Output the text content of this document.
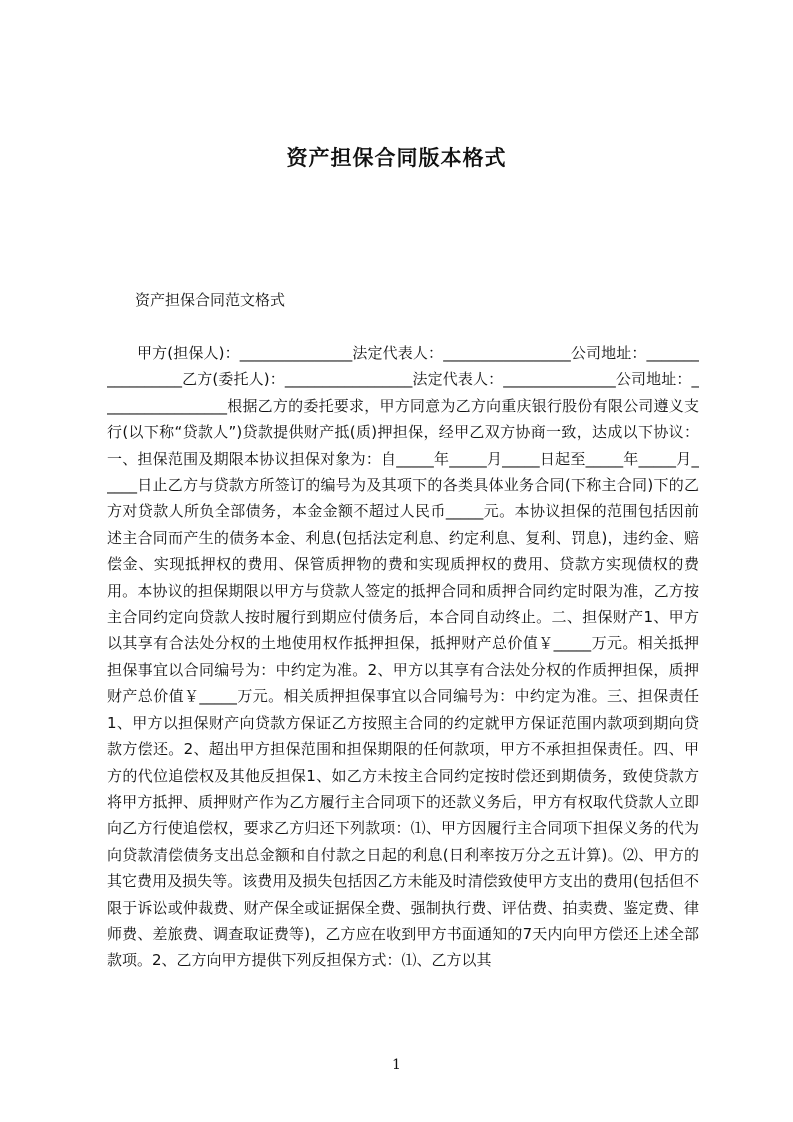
资产担保合同版本格式
资产担保合同范文格式

甲方(担保人)：_______________法定代表人：_________________公司地址：_________________乙方(委托人)：_________________法定代表人：_______________公司地址：_________________根据乙方的委托要求，甲方同意为乙方向重庆银行股份有限公司遵义支行(以下称“贷款人”)贷款提供财产抵(质)押担保，经甲乙双方协商一致，达成以下协议：一、担保范围及期限本协议担保对象为：自_____年_____月_____日起至_____年_____月_____日止乙方与贷款方所签订的编号为及其项下的各类具体业务合同(下称主合同)下的乙方对贷款人所负全部债务，本金金额不超过人民币_____元。本协议担保的范围包括因前述主合同而产生的债务本金、利息(包括法定利息、约定利息、复利、罚息)，违约金、赔偿金、实现抵押权的费用、保管质押物的费和实现质押权的费用、贷款方实现债权的费用。本协议的担保期限以甲方与贷款人签定的抵押合同和质押合同约定时限为准，乙方按主合同约定向贷款人按时履行到期应付债务后，本合同自动终止。二、担保财产1、甲方以其享有合法处分权的土地使用权作抵押担保，抵押财产总价值￥_____万元。相关抵押担保事宜以合同编号为：中约定为准。2、甲方以其享有合法处分权的作质押担保，质押财产总价值￥_____万元。相关质押担保事宜以合同编号为：中约定为准。三、担保责任1、甲方以担保财产向贷款方保证乙方按照主合同的约定就甲方保证范围内款项到期向贷款方偿还。2、超出甲方担保范围和担保期限的任何款项，甲方不承担担保责任。四、甲方的代位追偿权及其他反担保1、如乙方未按主合同约定按时偿还到期债务，致使贷款方将甲方抵押、质押财产作为乙方履行主合同项下的还款义务后，甲方有权取代贷款人立即向乙方行使追偿权，要求乙方归还下列款项：⑴、甲方因履行主合同项下担保义务的代为向贷款清偿债务支出总金额和自付款之日起的利息(日利率按万分之五计算)。⑵、甲方的其它费用及损失等。该费用及损失包括因乙方未能及时清偿致使甲方支出的费用(包括但不限于诉讼或仲裁费、财产保全或证据保全费、强制执行费、评估费、拍卖费、鉴定费、律师费、差旅费、调查取证费等)，乙方应在收到甲方书面通知的7天内向甲方偿还上述全部款项。2、乙方向甲方提供下列反担保方式：⑴、乙方以其

1
